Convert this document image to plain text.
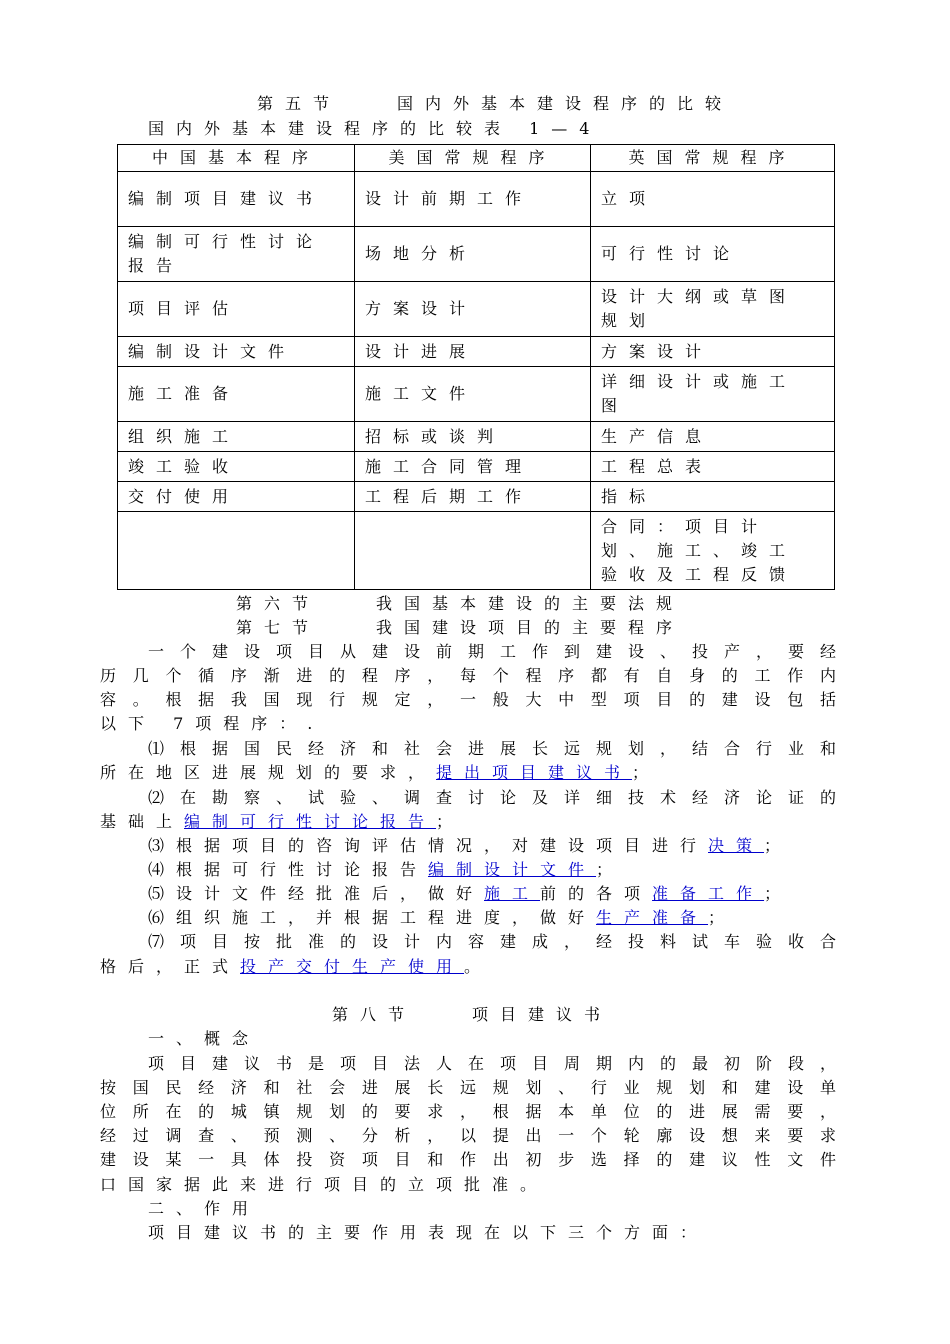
第五节　　国内外基本建设程序的比较
国内外基本建设程序的比较表 1—4
中国基本程序	美国常规程序	英国常规程序
编制项目建议书	设计前期工作	立项
编制可行性讨论报告	场地分析	可行性讨论
项目评估	方案设计	设计大纲或草图规划
编制设计文件	设计进展	方案设计
施工准备	施工文件	详细设计或施工图
组织施工	招标或谈判	生产信息
竣工验收	施工合同管理	工程总表
交付使用	工程后期工作	指标
		合同：项目计划、施工、竣工验收及工程反馈
第六节　　我国基本建设的主要法规
第七节　　我国建设项目的主要程序
一个建设项目从建设前期工作到建设、投产，要经
历几个循序渐进的程序，每个程序都有自身的工作内
容。根据我国现行规定，一般大中型项目的建设包括
以下 7项程序：.
⑴根据国民经济和社会进展长远规划，结合行业和
所在地区进展规划的要求，提出项目建议书；
⑵在勘察、试验、调查讨论及详细技术经济论证的
基础上编制可行性讨论报告；
⑶根据项目的咨询评估情况，对建设项目进行决策；
⑷根据可行性讨论报告编制设计文件；
⑸设计文件经批准后，做好施工前的各项准备工作；
⑹组织施工，并根据工程进度，做好生产准备；
⑺项目按批准的设计内容建成，经投料试车验收合
格后，正式投产交付生产使用。
第八节　　项目建议书
一、概念
项目建议书是项目法人在项目周期内的最初阶段，
按国民经济和社会进展长远规划、行业规划和建设单
位所在的城镇规划的要求，根据本单位的进展需要，
经过调查、预测、分析，以提出一个轮廓设想来要求
建设某一具体投资项目和作出初步选择的建议性文件
口国家据此来进行项目的立项批准。
二、作用
项目建议书的主要作用表现在以下三个方面：
